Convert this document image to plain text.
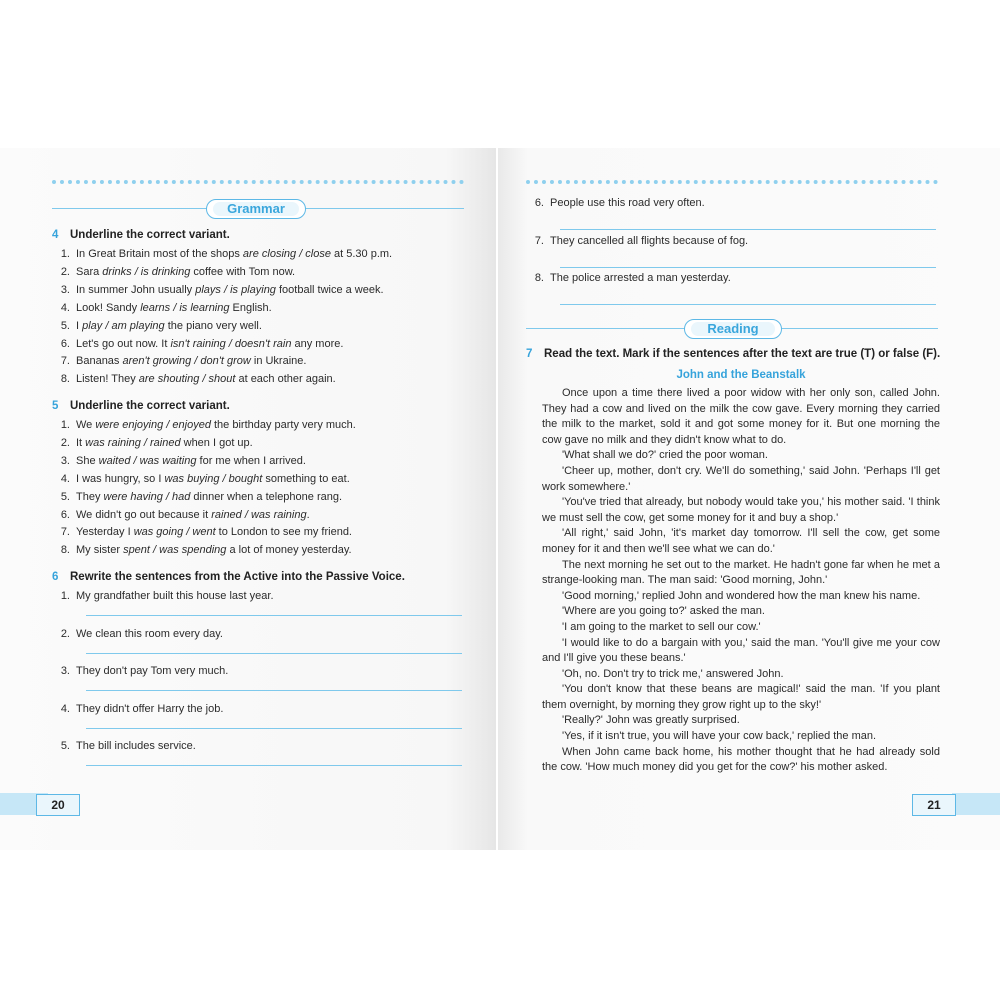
Grammar
4 Underline the correct variant.
1. In Great Britain most of the shops are closing / close at 5.30 p.m.
2. Sara drinks / is drinking coffee with Tom now.
3. In summer John usually plays / is playing football twice a week.
4. Look! Sandy learns / is learning English.
5. I play / am playing the piano very well.
6. Let's go out now. It isn't raining / doesn't rain any more.
7. Bananas aren't growing / don't grow in Ukraine.
8. Listen! They are shouting / shout at each other again.
5 Underline the correct variant.
1. We were enjoying / enjoyed the birthday party very much.
2. It was raining / rained when I got up.
3. She waited / was waiting for me when I arrived.
4. I was hungry, so I was buying / bought something to eat.
5. They were having / had dinner when a telephone rang.
6. We didn't go out because it rained / was raining.
7. Yesterday I was going / went to London to see my friend.
8. My sister spent / was spending a lot of money yesterday.
6 Rewrite the sentences from the Active into the Passive Voice.
1. My grandfather built this house last year.
2. We clean this room every day.
3. They don't pay Tom very much.
4. They didn't offer Harry the job.
5. The bill includes service.
20
6. People use this road very often.
7. They cancelled all flights because of fog.
8. The police arrested a man yesterday.
Reading
7 Read the text. Mark if the sentences after the text are true (T) or false (F).
John and the Beanstalk

Once upon a time there lived a poor widow with her only son, called John. They had a cow and lived on the milk the cow gave. Every morning they carried the milk to the market, sold it and got some money for it. But one morning the cow gave no milk and they didn't know what to do.

'What shall we do?' cried the poor woman.

'Cheer up, mother, don't cry. We'll do something,' said John. 'Perhaps I'll get work somewhere.'

'You've tried that already, but nobody would take you,' his mother said. 'I think we must sell the cow, get some money for it and buy a shop.'

'All right,' said John, 'it's market day tomorrow. I'll sell the cow, get some money for it and then we'll see what we can do.'

The next morning he set out to the market. He hadn't gone far when he met a strange-looking man. The man said: 'Good morning, John.'

'Good morning,' replied John and wondered how the man knew his name.

'Where are you going to?' asked the man.

'I am going to the market to sell our cow.'

'I would like to do a bargain with you,' said the man. 'You'll give me your cow and I'll give you these beans.'

'Oh, no. Don't try to trick me,' answered John.

'You don't know that these beans are magical!' said the man. 'If you plant them overnight, by morning they grow right up to the sky!'

'Really?' John was greatly surprised.

'Yes, if it isn't true, you will have your cow back,' replied the man.

When John came back home, his mother thought that he had already sold the cow. 'How much money did you get for the cow?' his mother asked.

21
